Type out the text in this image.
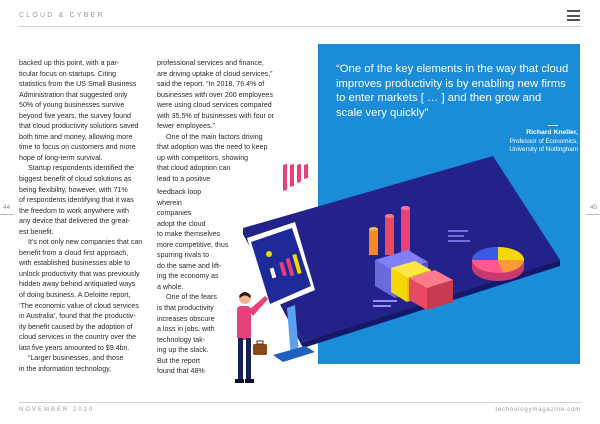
CLOUD & CYBER

backed up this point, with a par-

ticular focus on startups. Citing

statistics from the US Small Business

Administration that suggested only

50% of young businesses survive

beyond five years, the survey found

that cloud productivity solutions saved

both time and money, allowing more

time to focus on customers and more

hope of long-term survival.

Startup respondents identified the

biggest benefit of cloud solutions as

being flexibility, however, with 71%

of respondents identifying that it was

the freedom to work anywhere with

any device that delivered the great-

est benefit.

It’s not only new companies that can

benefit from a cloud first approach,

with established businesses able to

unlock productivity that was previously

hidden away behind antiquated ways

of doing business. A Deloitte report,

‘The economic value of cloud services

in Australia’, found that the productiv-

ity benefit caused by the adoption of

cloud services in the country over the

last five years amounted to $9.4bn.

“Larger businesses, and those

in the information technology,

professional services and finance,

are driving uptake of cloud services,”

said the report. “In 2018, 76.4% of

businesses with over 200 employees

were using cloud services compared

with 35.5% of businesses with four or

fewer employees.”

One of the main factors driving

that adoption was the need to keep

up with competitors, showing

that cloud adoption can

lead to a positive

feedback loop

wherein

companies

adopt the cloud

to make themselves

more competitive, thus

spurring rivals to

do the same and lift-

ing the economy as

a whole.

One of the fears

is that productivity

increases obscure

a loss in jobs, with

technology tak-

ing up the slack.

But the report

found that 48%

44	45
“One of the key elements in the way that cloud improves productivity is by enabling new firms to enter markets [ … ] and then grow and scale very quickly”
Richard Kneller,
Professor of Economics,
University of Nottingham
NOVEMBER 2020	technologymagazine.com
